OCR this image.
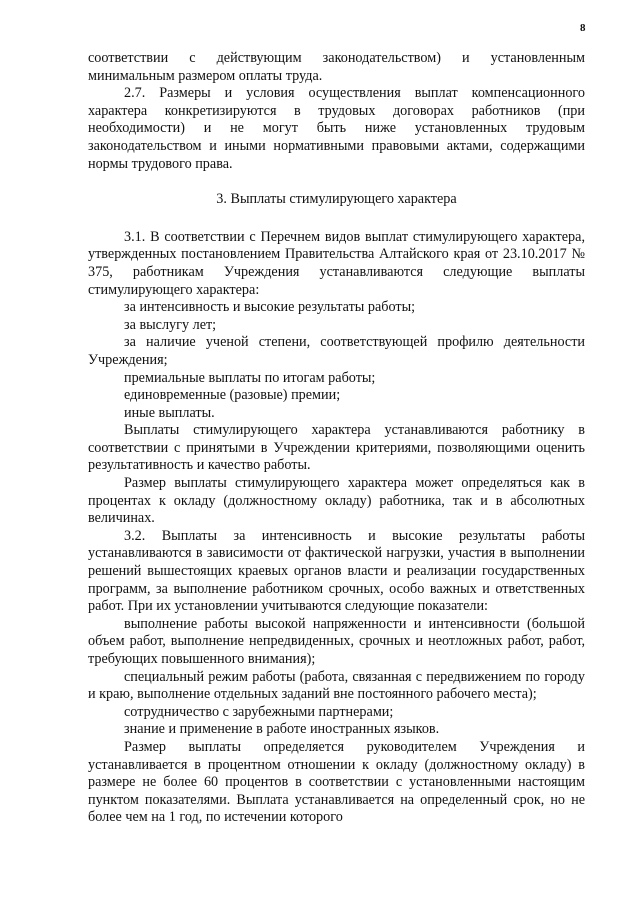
8

соответствии с действующим законодательством) и установленным минимальным размером оплаты труда.

2.7. Размеры и условия осуществления выплат компенсационного характера конкретизируются в трудовых договорах работников (при необходимости) и не могут быть ниже установленных трудовым законодательством и иными нормативными правовыми актами, содержащими нормы трудового права.

3. Выплаты стимулирующего характера

3.1. В соответствии с Перечнем видов выплат стимулирующего характера, утвержденных постановлением Правительства Алтайского края от 23.10.2017 № 375, работникам Учреждения устанавливаются следующие выплаты стимулирующего характера:

за интенсивность и высокие результаты работы;

за выслугу лет;

за наличие ученой степени, соответствующей профилю деятельности Учреждения;

премиальные выплаты по итогам работы;

единовременные (разовые) премии;

иные выплаты.

Выплаты стимулирующего характера устанавливаются работнику в соответствии с принятыми в Учреждении критериями, позволяющими оценить результативность и качество работы.

Размер выплаты стимулирующего характера может определяться как в процентах к окладу (должностному окладу) работника, так и в абсолютных величинах.

3.2. Выплаты за интенсивность и высокие результаты работы устанавливаются в зависимости от фактической нагрузки, участия в выполнении решений вышестоящих краевых органов власти и реализации государственных программ, за выполнение работником срочных, особо важных и ответственных работ. При их установлении учитываются следующие показатели:

выполнение работы высокой напряженности и интенсивности (большой объем работ, выполнение непредвиденных, срочных и неотложных работ, работ, требующих повышенного внимания);

специальный режим работы (работа, связанная с передвижением по городу и краю, выполнение отдельных заданий вне постоянного рабочего места);

сотрудничество с зарубежными партнерами;

знание и применение в работе иностранных языков.

Размер выплаты определяется руководителем Учреждения и устанавливается в процентном отношении к окладу (должностному окладу) в размере не более 60 процентов в соответствии с установленными настоящим пунктом показателями. Выплата устанавливается на определенный срок, но не более чем на 1 год, по истечении которого
